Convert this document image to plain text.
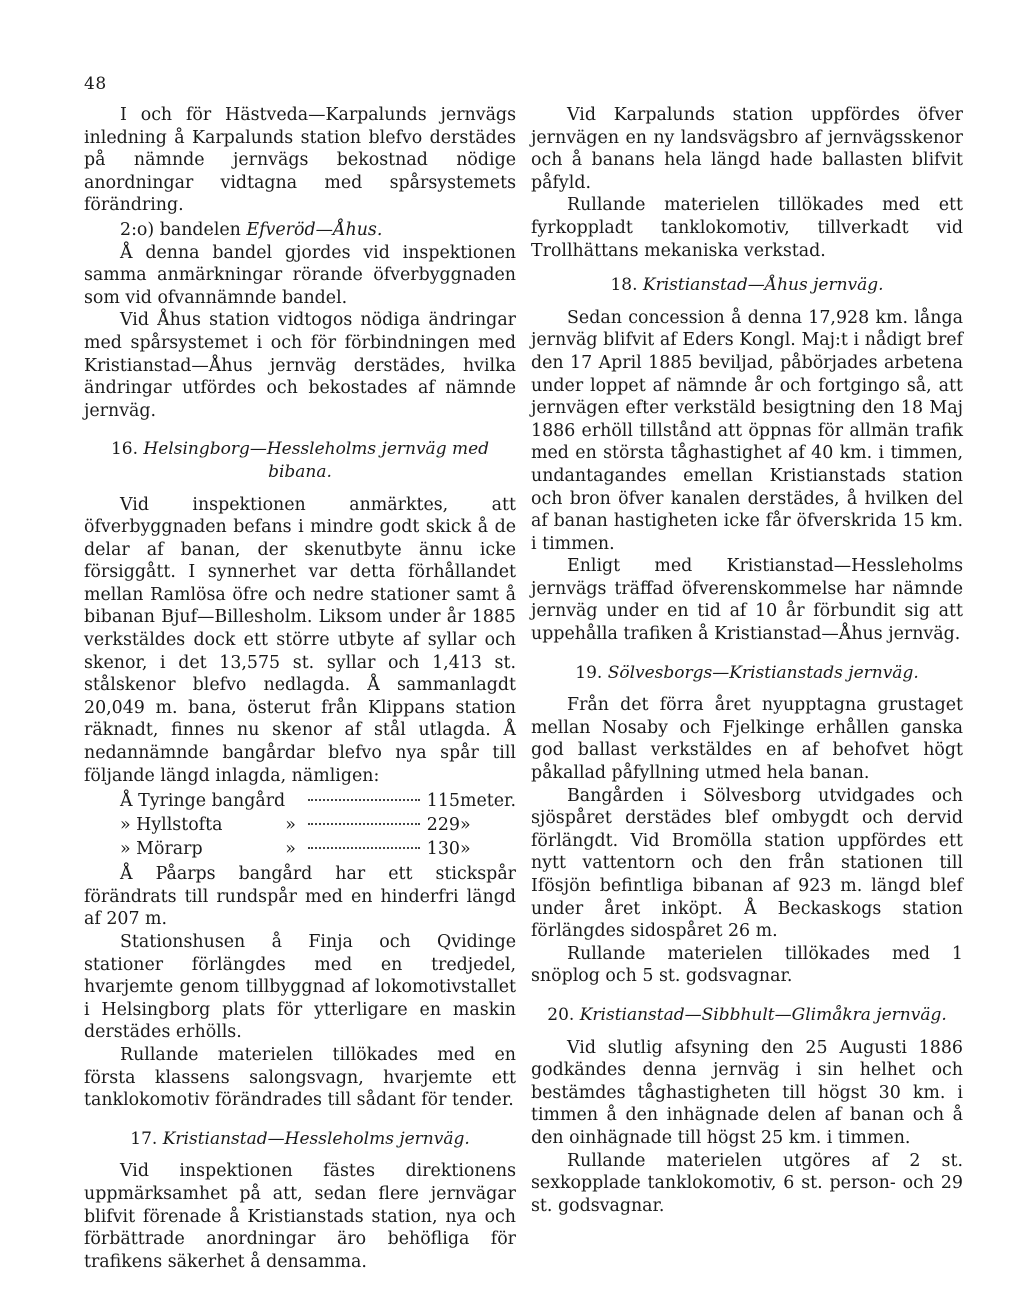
48

I och för Hästveda—Karpalunds jernvägs inledning å Karpalunds station blefvo derstädes på nämnde jernvägs bekostnad nödige anordningar vidtagna med spårsystemets förändring.

2:o) bandelen Efveröd—Åhus.

Å denna bandel gjordes vid inspektionen samma anmärkningar rörande öfverbyggnaden som vid ofvannämnde bandel.

Vid Åhus station vidtogos nödiga ändringar med spårsystemet i och för förbindningen med Kristianstad—Åhus jernväg derstädes, hvilka ändringar utfördes och bekostades af nämnde jernväg.

16. Helsingborg—Hessleholms jernväg med bibana.

Vid inspektionen anmärktes, att öfverbyggnaden befans i mindre godt skick å de delar af banan, der skenutbyte ännu icke försiggått. I synnerhet var detta förhållandet mellan Ramlösa öfre och nedre stationer samt å bibanan Bjuf—Billesholm. Liksom under år 1885 verkstäldes dock ett större utbyte af syllar och skenor, i det 13,575 st. syllar och 1,413 st. stålskenor blefvo nedlagda. Å sammanlagdt 20,049 m. bana, österut från Klippans station räknadt, finnes nu skenor af stål utlagda. Å nedannämnde bangårdar blefvo nya spår till följande längd inlagda, nämligen:

Å Tyringe bangård			115	meter.
» Hyllstofta	»		229	»
» Mörarp	»		130	»

Å Påarps bangård har ett stickspår förändrats till rundspår med en hinderfri längd af 207 m.

Stationshusen å Finja och Qvidinge stationer förlängdes med en tredjedel, hvarjemte genom tillbyggnad af lokomotivstallet i Helsingborg plats för ytterligare en maskin derstädes erhölls.

Rullande materielen tillökades med en första klassens salongsvagn, hvarjemte ett tanklokomotiv förändrades till sådant för tender.

17. Kristianstad—Hessleholms jernväg.

Vid inspektionen fästes direktionens uppmärksamhet på att, sedan flere jernvägar blifvit förenade å Kristianstads station, nya och förbättrade anordningar äro behöfliga för trafikens säkerhet å densamma.

Vid Karpalunds station uppfördes öfver jernvägen en ny landsvägsbro af jernvägsskenor och å banans hela längd hade ballasten blifvit påfyld.

Rullande materielen tillökades med ett fyrkoppladt tanklokomotiv, tillverkadt vid Trollhättans mekaniska verkstad.

18. Kristianstad—Åhus jernväg.

Sedan concession å denna 17,928 km. långa jernväg blifvit af Eders Kongl. Maj:t i nådigt bref den 17 April 1885 beviljad, påbörjades arbetena under loppet af nämnde år och fortgingo så, att jernvägen efter verkstäld besigtning den 18 Maj 1886 erhöll tillstånd att öppnas för allmän trafik med en största tåghastighet af 40 km. i timmen, undantagandes emellan Kristianstads station och bron öfver kanalen derstädes, å hvilken del af banan hastigheten icke får öfverskrida 15 km. i timmen.

Enligt med Kristianstad—Hessleholms jernvägs träffad öfverenskommelse har nämnde jernväg under en tid af 10 år förbundit sig att uppehålla trafiken å Kristianstad—Åhus jernväg.

19. Sölvesborgs—Kristianstads jernväg.

Från det förra året nyupptagna grustaget mellan Nosaby och Fjelkinge erhållen ganska god ballast verkstäldes en af behofvet högt påkallad påfyllning utmed hela banan.

Bangården i Sölvesborg utvidgades och sjöspåret derstädes blef ombygdt och dervid förlängdt. Vid Bromölla station uppfördes ett nytt vattentorn och den från stationen till Ifösjön befintliga bibanan af 923 m. längd blef under året inköpt. Å Beckaskogs station förlängdes sidospåret 26 m.

Rullande materielen tillökades med 1 snöplog och 5 st. godsvagnar.

20. Kristianstad—Sibbhult—Glimåkra jernväg.

Vid slutlig afsyning den 25 Augusti 1886 godkändes denna jernväg i sin helhet och bestämdes tåghastigheten till högst 30 km. i timmen å den inhägnade delen af banan och å den oinhägnade till högst 25 km. i timmen.

Rullande materielen utgöres af 2 st. sexkopplade tanklokomotiv, 6 st. person- och 29 st. godsvagnar.
